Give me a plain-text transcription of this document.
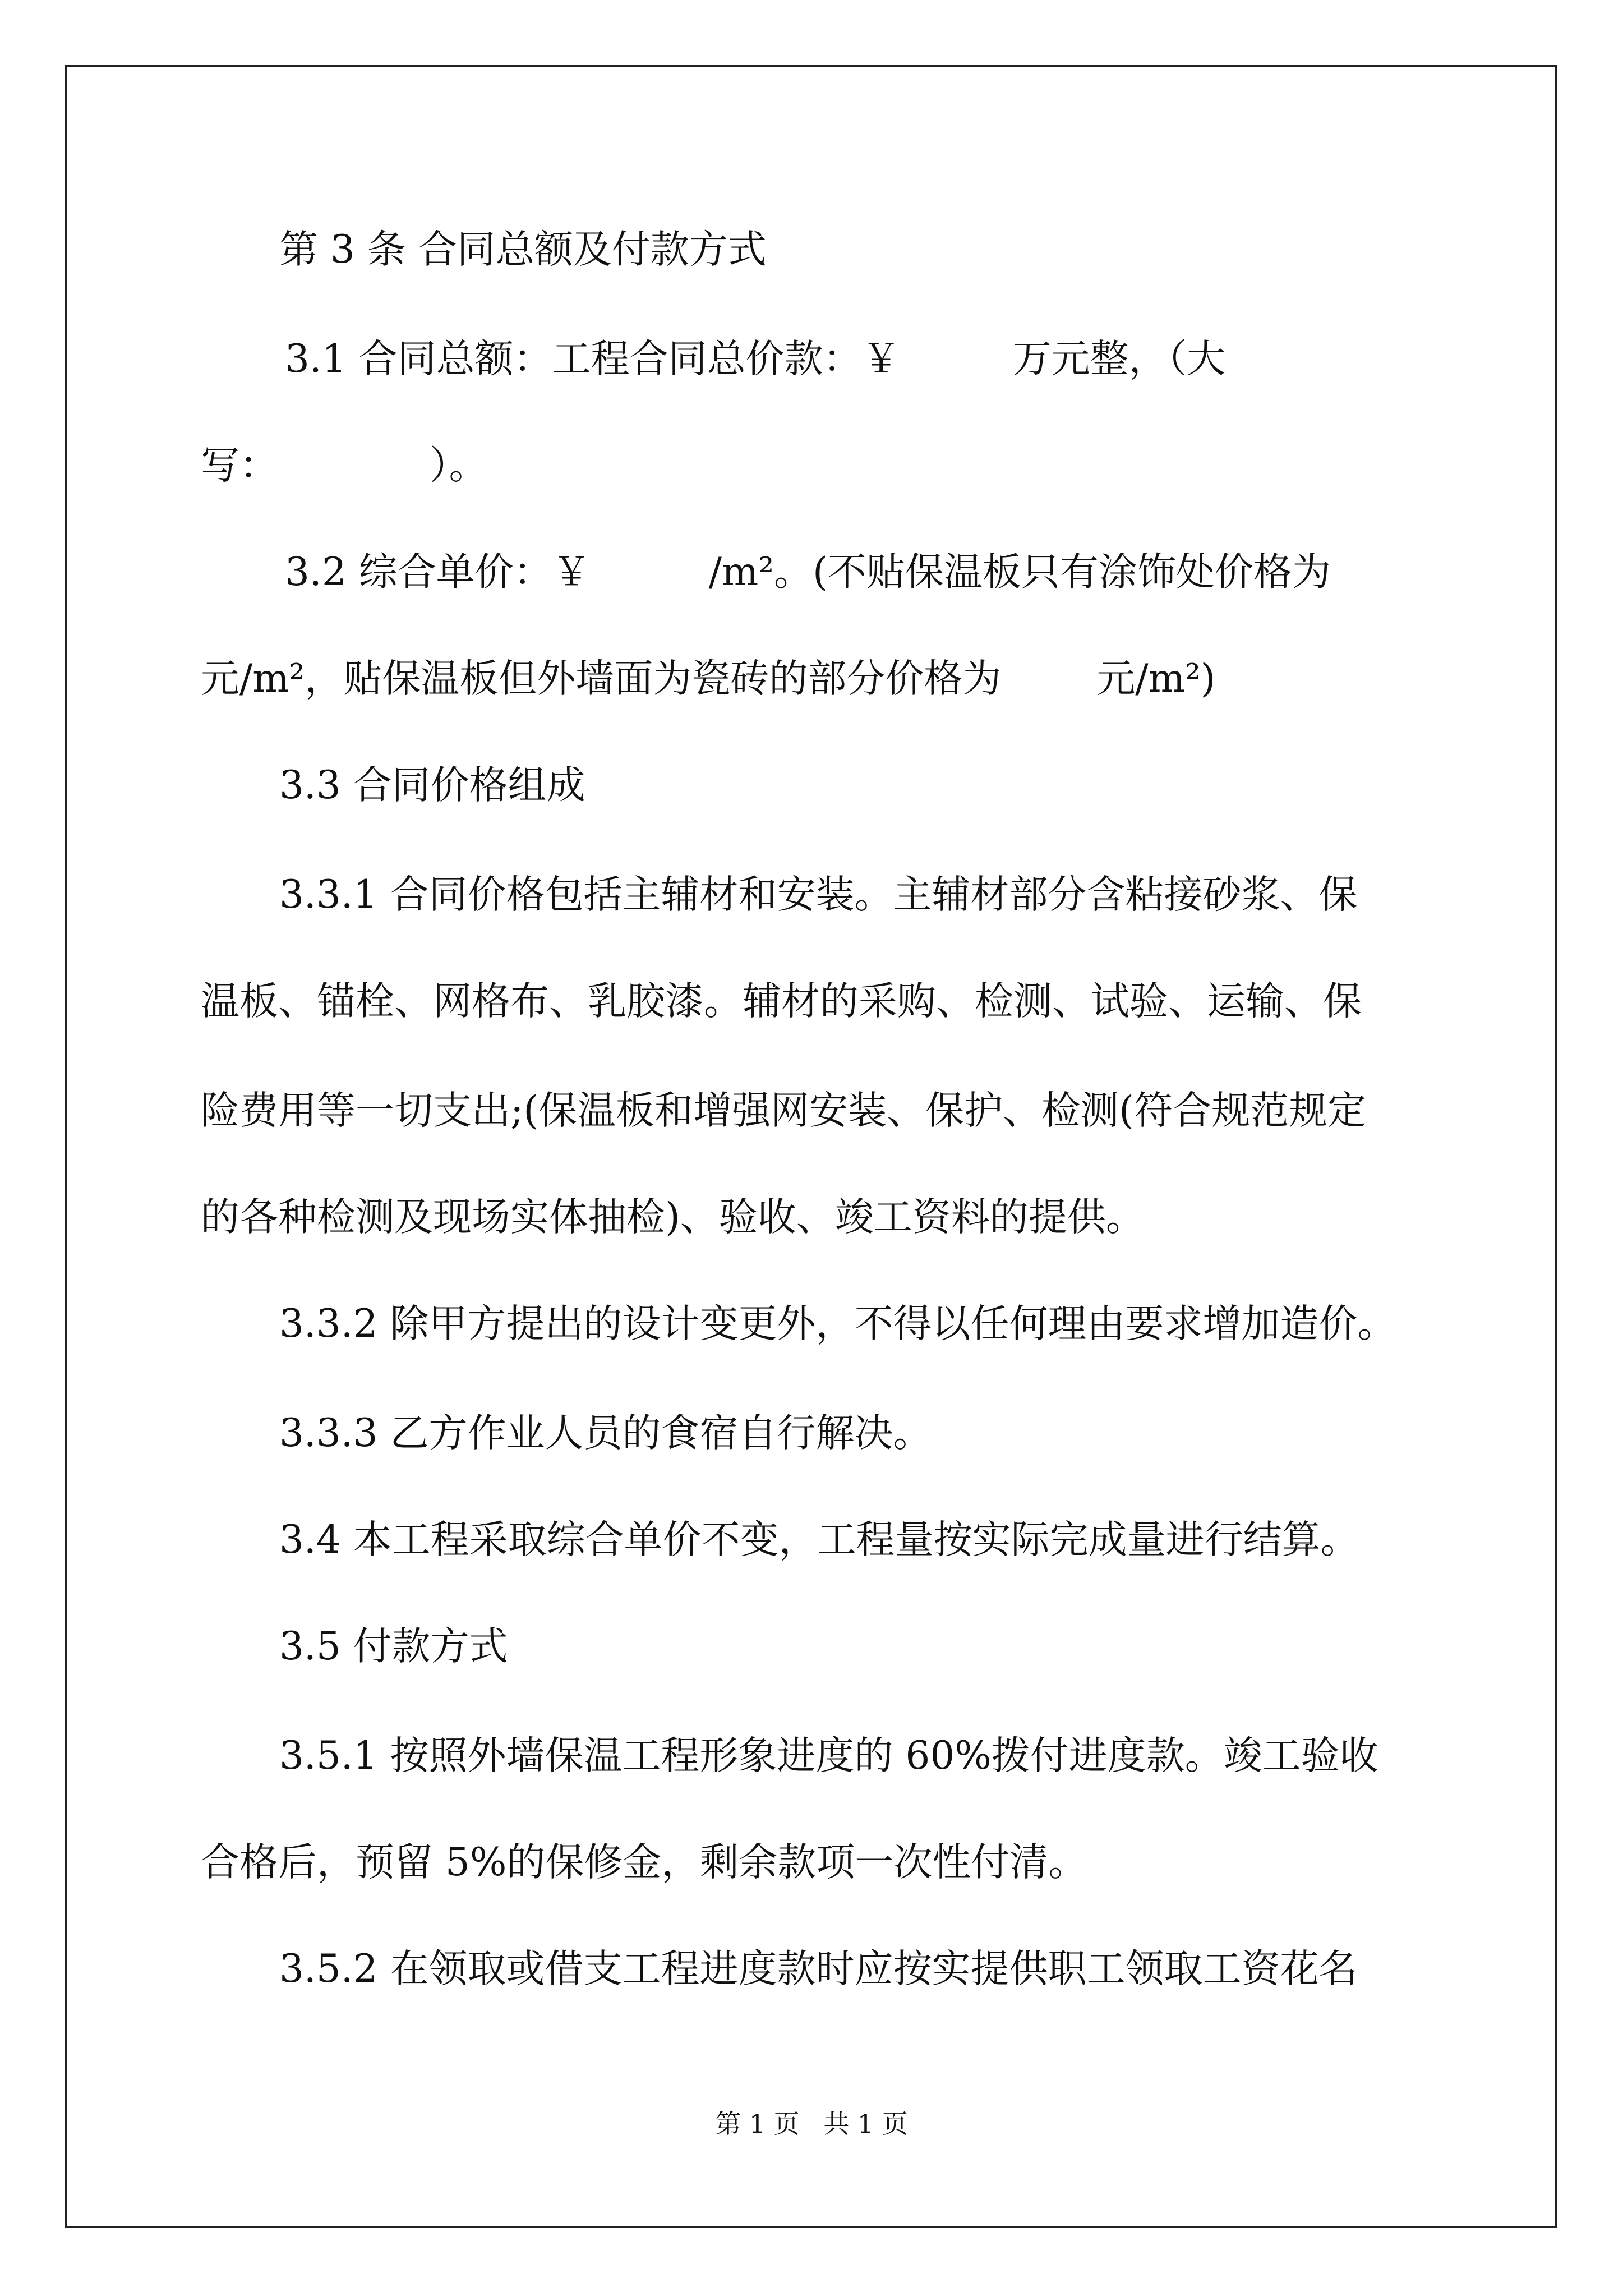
第 3 条 合同总额及付款方式
3.1 合同总额：工程合同总价款：￥	万元整，（大
写：	）。
3.2 综合单价：￥	/m²。(不贴保温板只有涂饰处价格为
元/m²，贴保温板但外墙面为瓷砖的部分价格为 元/m²)
3.3 合同价格组成
3.3.1 合同价格包括主辅材和安装。主辅材部分含粘接砂浆、保
温板、锚栓、网格布、乳胶漆。辅材的采购、检测、试验、运输、保
险费用等一切支出;(保温板和增强网安装、保护、检测(符合规范规定
的各种检测及现场实体抽检)、验收、竣工资料的提供。
3.3.2 除甲方提出的设计变更外，不得以任何理由要求增加造价。
3.3.3 乙方作业人员的食宿自行解决。
3.4 本工程采取综合单价不变，工程量按实际完成量进行结算。
3.5 付款方式
3.5.1 按照外墙保温工程形象进度的 60%拨付进度款。竣工验收
合格后，预留 5%的保修金，剩余款项一次性付清。
3.5.2 在领取或借支工程进度款时应按实提供职工领取工资花名
第 1 页 共 1 页
